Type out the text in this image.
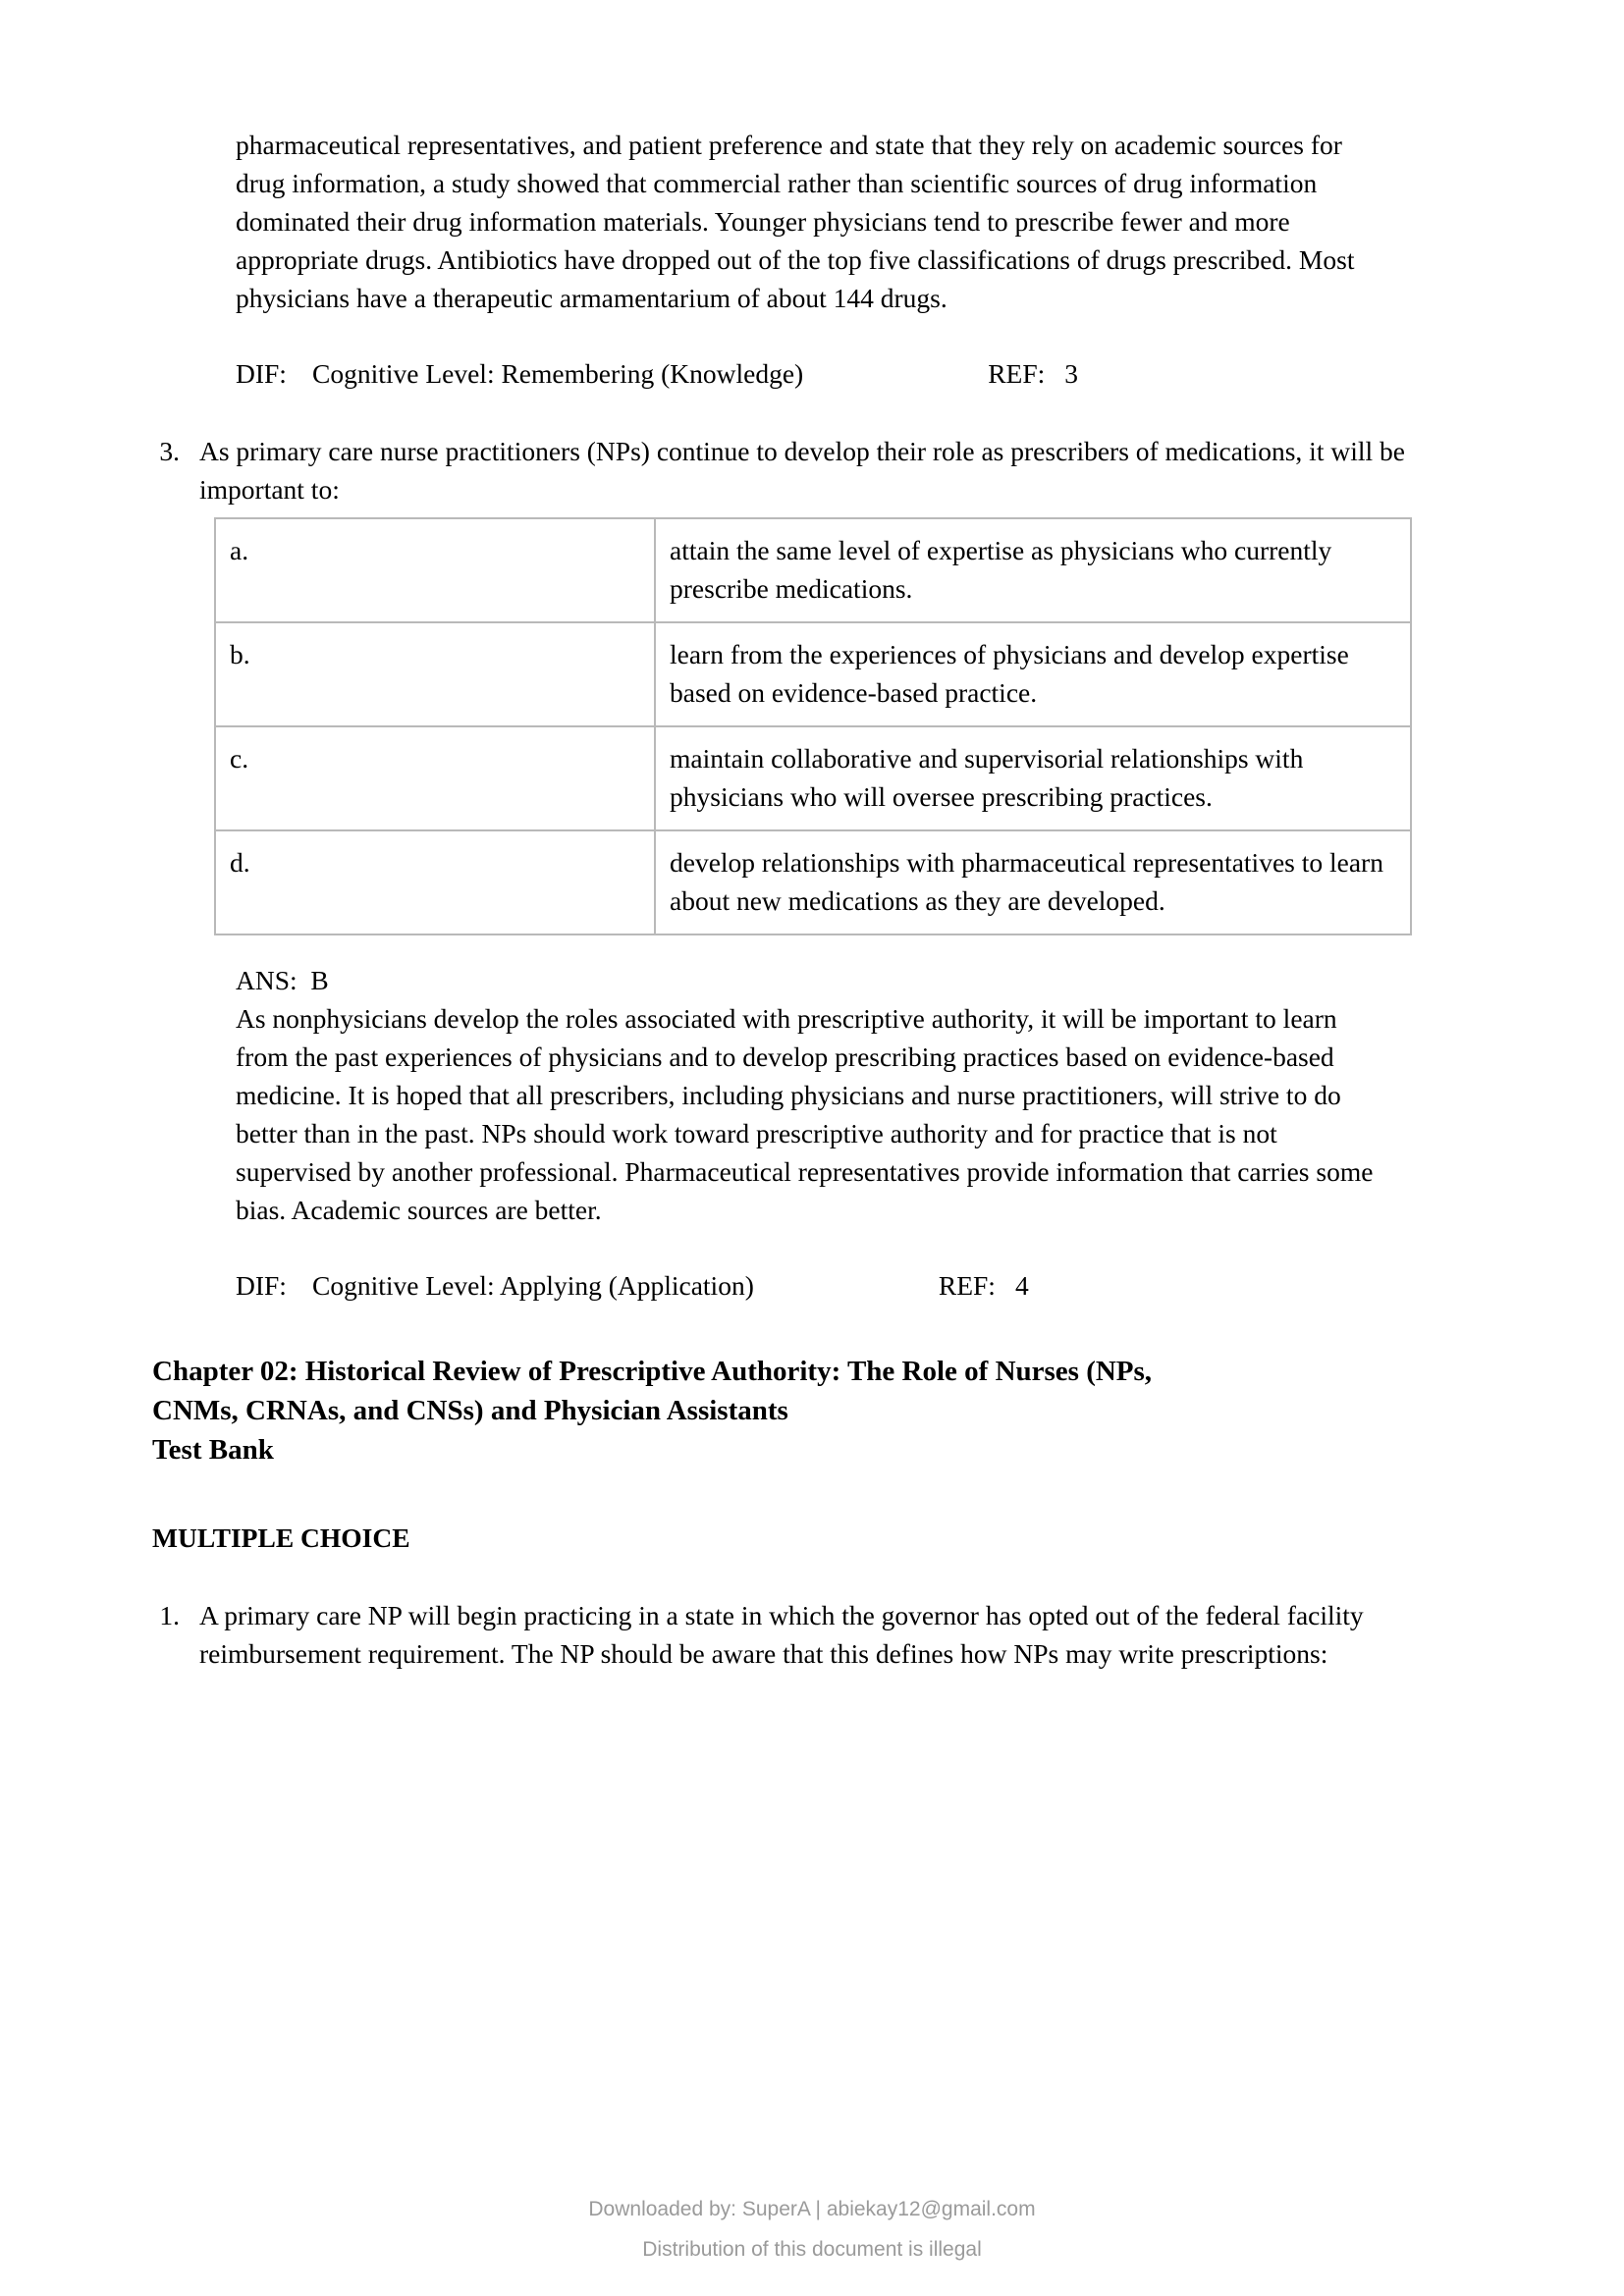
pharmaceutical representatives, and patient preference and state that they rely on academic sources for drug information, a study showed that commercial rather than scientific sources of drug information dominated their drug information materials. Younger physicians tend to prescribe fewer and more appropriate drugs. Antibiotics have dropped out of the top five classifications of drugs prescribed. Most physicians have a therapeutic armamentarium of about 144 drugs.

DIF: Cognitive Level: Remembering (Knowledge)	REF: 3
3. As primary care nurse practitioners (NPs) continue to develop their role as prescribers of medications, it will be important to:
a.	attain the same level of expertise as physicians who currently prescribe medications.
b.	learn from the experiences of physicians and develop expertise based on evidence-based practice.
c.	maintain collaborative and supervisorial relationships with physicians who will oversee prescribing practices.
d.	develop relationships with pharmaceutical representatives to learn about new medications as they are developed.
ANS:  B
As nonphysicians develop the roles associated with prescriptive authority, it will be important to learn from the past experiences of physicians and to develop prescribing practices based on evidence-based medicine. It is hoped that all prescribers, including physicians and nurse practitioners, will strive to do better than in the past. NPs should work toward prescriptive authority and for practice that is not supervised by another professional. Pharmaceutical representatives provide information that carries some bias. Academic sources are better.
DIF: Cognitive Level: Applying (Application)	REF: 4
Chapter 02: Historical Review of Prescriptive Authority: The Role of Nurses (NPs,
CNMs, CRNAs, and CNSs) and Physician Assistants
Test Bank
MULTIPLE CHOICE
1. A primary care NP will begin practicing in a state in which the governor has opted out of the federal facility reimbursement requirement. The NP should be aware that this defines how NPs may write prescriptions:
Downloaded by: SuperA | abiekay12@gmail.com
Distribution of this document is illegal
